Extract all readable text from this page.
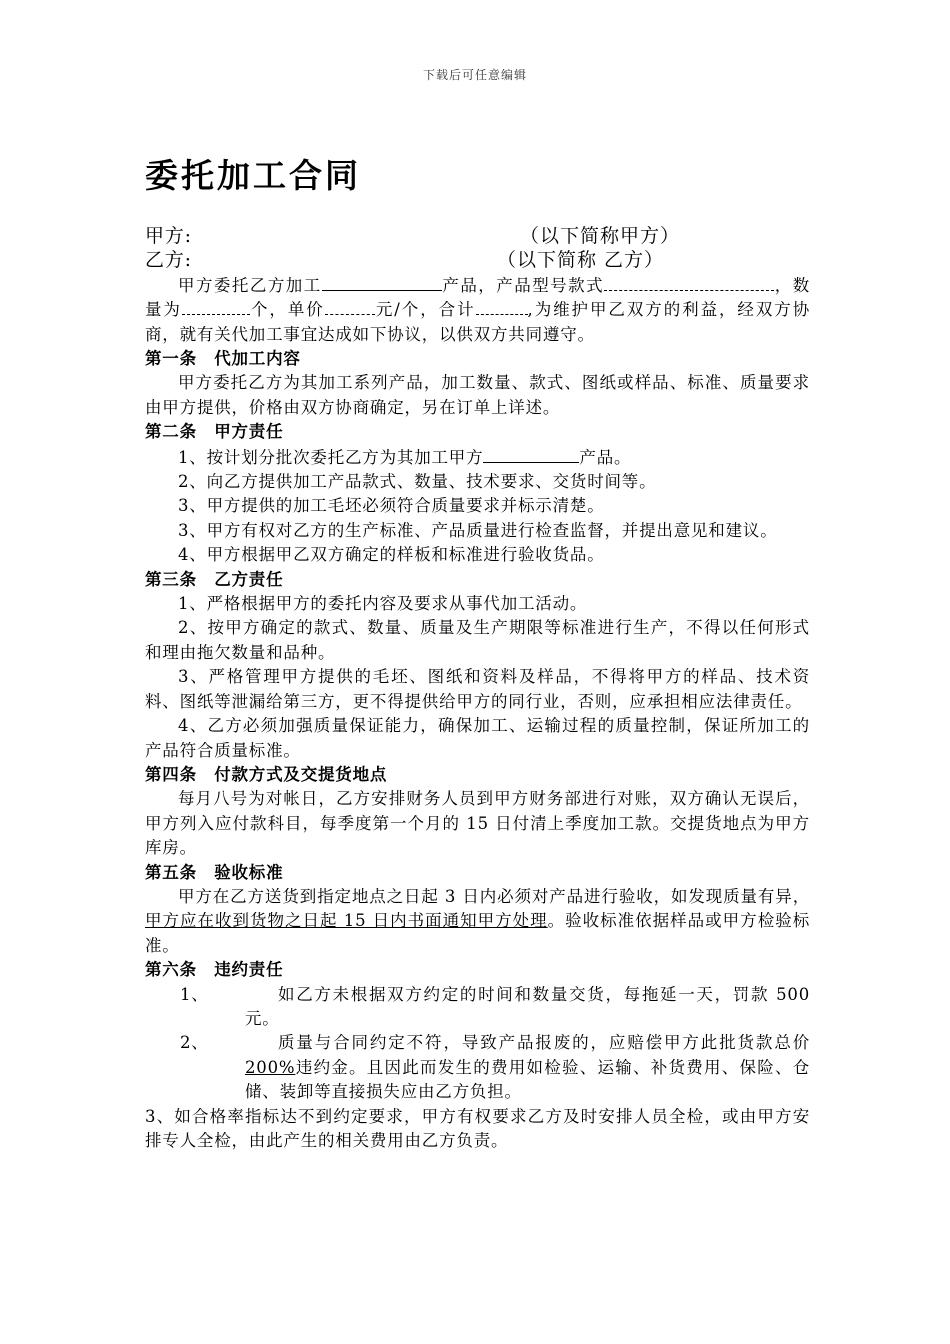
下载后可任意编辑
委托加工合同
甲方:	（以下简称甲方）
乙方:	（以下简称 乙方）

甲方委托乙方加工	产品，产品型号款式	，数量为	个，单价	元/个，合计	,为维护甲乙双方的利益，经双方协商，就有关代加工事宜达成如下协议，以供双方共同遵守。

第一条　代加工内容

甲方委托乙方为其加工系列产品，加工数量、款式、图纸或样品、标准、质量要求由甲方提供，价格由双方协商确定，另在订单上详述。

第二条　甲方责任

1、按计划分批次委托乙方为其加工甲方	产品。

2、向乙方提供加工产品款式、数量、技术要求、交货时间等。

3、甲方提供的加工毛坯必须符合质量要求并标示清楚。

3、甲方有权对乙方的生产标准、产品质量进行检查监督，并提出意见和建议。

4、甲方根据甲乙双方确定的样板和标准进行验收货品。

第三条　乙方责任

1、严格根据甲方的委托内容及要求从事代加工活动。

2、按甲方确定的款式、数量、质量及生产期限等标准进行生产，不得以任何形式和理由拖欠数量和品种。

3、严格管理甲方提供的毛坯、图纸和资料及样品，不得将甲方的样品、技术资料、图纸等泄漏给第三方，更不得提供给甲方的同行业，否则，应承担相应法律责任。

4、乙方必须加强质量保证能力，确保加工、运输过程的质量控制，保证所加工的产品符合质量标准。

第四条　付款方式及交提货地点

每月八号为对帐日，乙方安排财务人员到甲方财务部进行对账，双方确认无误后，甲方列入应付款科目，每季度第一个月的 15 日付清上季度加工款。交提货地点为甲方库房。

第五条　验收标准

甲方在乙方送货到指定地点之日起 3 日内必须对产品进行验收，如发现质量有异，甲方应在收到货物之日起 15 日内书面通知甲方处理。验收标准依据样品或甲方检验标准。

第六条　违约责任
1、	如乙方未根据双方约定的时间和数量交货，每拖延一天，罚款 500 元。

2、	质量与合同约定不符，导致产品报废的，应赔偿甲方此批货款总价200%违约金。且因此而发生的费用如检验、运输、补货费用、保险、仓储、装卸等直接损失应由乙方负担。

3、如合格率指标达不到约定要求，甲方有权要求乙方及时安排人员全检，或由甲方安排专人全检，由此产生的相关费用由乙方负责。
